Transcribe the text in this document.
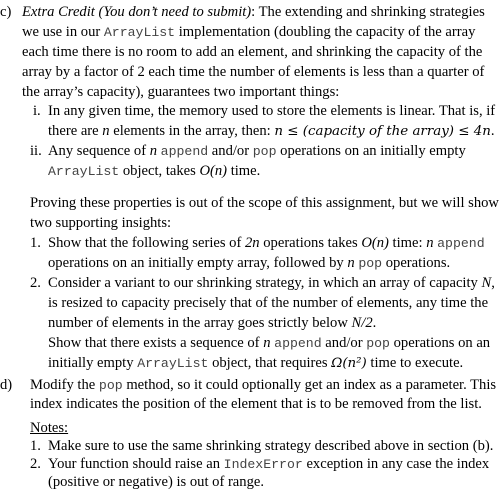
c) Extra Credit (You don’t need to submit): The extending and shrinking strategies
we use in our ArrayList implementation (doubling the capacity of the array
each time there is no room to add an element, and shrinking the capacity of the
array by a factor of 2 each time the number of elements is less than a quarter of
the array’s capacity), guarantees two important things:
i. In any given time, the memory used to store the elements is linear. That is, if
there are n elements in the array, then: n ≤ (capacity of the array) ≤ 4n.
ii. Any sequence of n append and/or pop operations on an initially empty
ArrayList object, takes O(n) time.
Proving these properties is out of the scope of this assignment, but we will show
two supporting insights:
1. Show that the following series of 2n operations takes O(n) time: n append
operations on an initially empty array, followed by n pop operations.
2. Consider a variant to our shrinking strategy, in which an array of capacity N,
is resized to capacity precisely that of the number of elements, any time the
number of elements in the array goes strictly below N/2.
Show that there exists a sequence of n append and/or pop operations on an
initially empty ArrayList object, that requires Ω(n²) time to execute.
d) Modify the pop method, so it could optionally get an index as a parameter. This
index indicates the position of the element that is to be removed from the list.
Notes:
1. Make sure to use the same shrinking strategy described above in section (b).
2. Your function should raise an IndexError exception in any case the index
(positive or negative) is out of range.
